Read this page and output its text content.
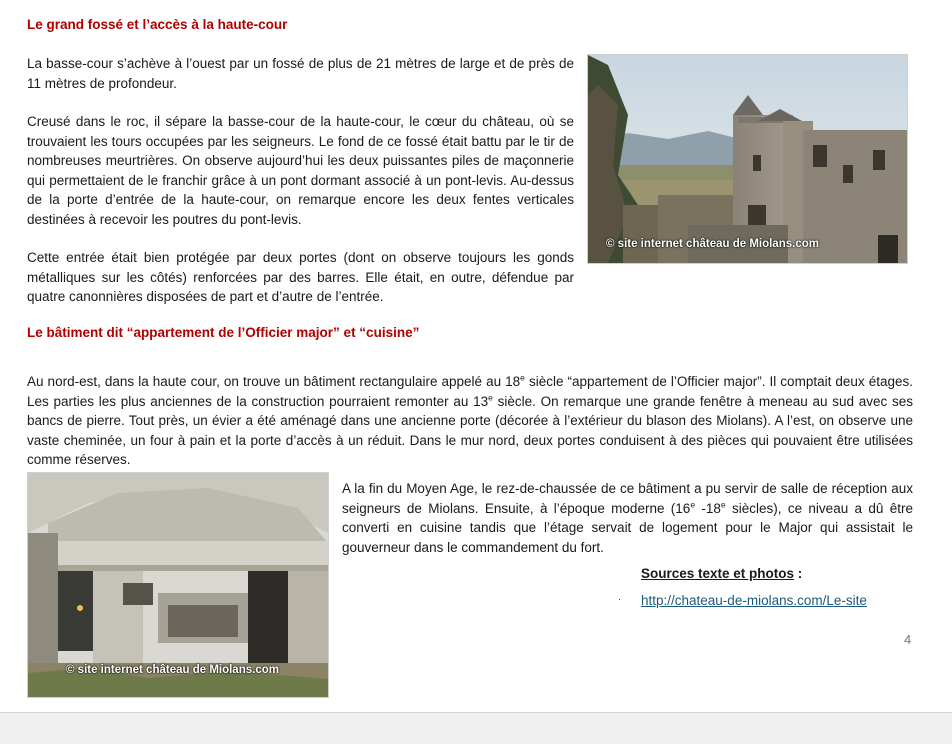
Le grand fossé et l’accès à la haute-cour

La basse-cour s’achève à l’ouest par un fossé de plus de 21 mètres de large et de près de 11 mètres de profondeur.

Creusé dans le roc, il sépare la basse-cour de la haute-cour, le cœur du château, où se trouvaient les tours occupées par les seigneurs. Le fond de ce fossé était battu par le tir de nombreuses meurtrières. On observe aujourd’hui les deux puissantes piles de maçonnerie qui permettaient de le franchir grâce à un pont dormant associé à un pont-levis. Au-dessus de la porte d’entrée de la haute-cour, on remarque encore les deux fentes verticales destinées à recevoir les poutres du pont-levis.

Cette entrée était bien protégée par deux portes (dont on observe toujours les gonds métalliques sur les côtés) renforcées par des barres. Elle était, en outre, défendue par quatre canonnières disposées de part et d’autre de l’entrée.

© site internet château de Miolans.com
Le bâtiment dit “appartement de l’Officier major” et “cuisine”

Au nord-est, dans la haute cour, on trouve un bâtiment rectangulaire appelé au 18e siècle “appartement de l’Officier major”. Il comptait deux étages. Les parties les plus anciennes de la construction pourraient remonter au 13e siècle. On remarque une grande fenêtre à meneau au sud avec ses bancs de pierre. Tout près, un évier a été aménagé dans une ancienne porte (décorée à l’extérieur du blason des Miolans). A l’est, on observe une vaste cheminée, un four à pain et la porte d’accès à un réduit. Dans le mur nord, deux portes conduisent à des pièces qui pouvaient être utilisées comme réserves.

© site internet château de Miolans.com

A la fin du Moyen Age, le rez-de-chaussée de ce bâtiment a pu servir de salle de réception aux seigneurs de Miolans. Ensuite, à l’époque moderne (16e -18e siècles), ce niveau a dû être converti en cuisine tandis que l’étage servait de logement pour le Major qui assistait le gouverneur dans le commandement du fort.

Sources texte et photos :

· http://chateau-de-miolans.com/Le-site
4
